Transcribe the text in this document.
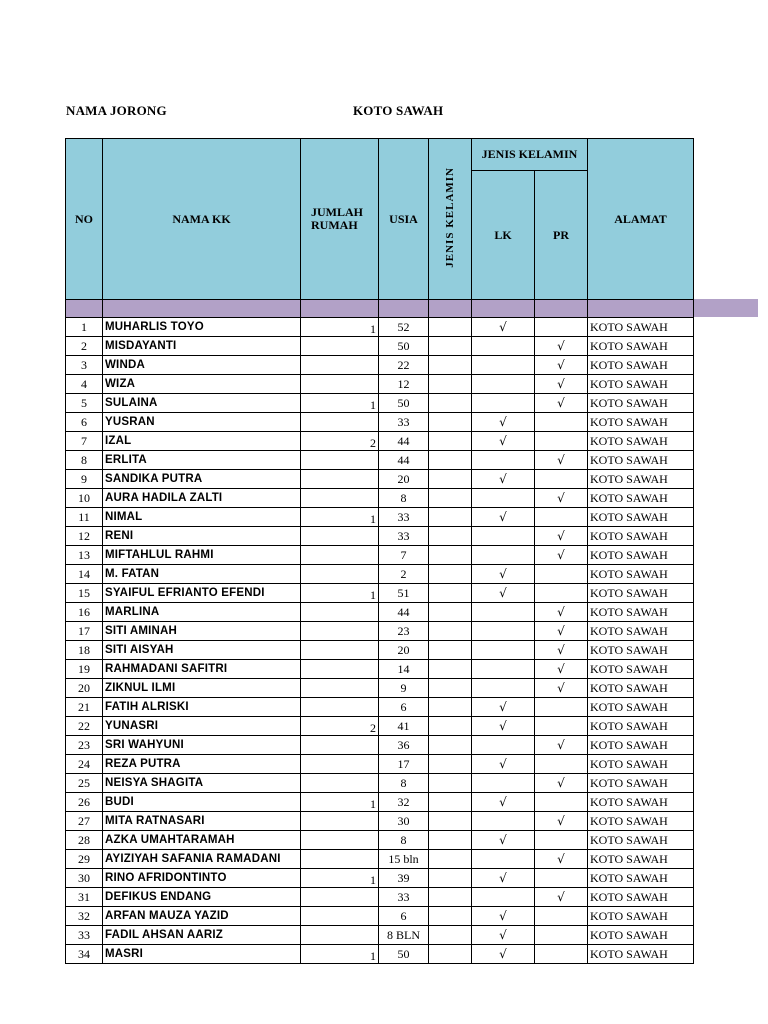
NAMA JORONG	KOTO SAWAH
NO	NAMA KK	JUMLAH
RUMAH	USIA	JENIS KELAMIN	JENIS KELAMIN		ALAMAT
					LK	PR	

1	MUHARLIS TOYO	1	52		√		KOTO SAWAH
2	MISDAYANTI		50			√	KOTO SAWAH
3	WINDA		22			√	KOTO SAWAH
4	WIZA		12			√	KOTO SAWAH
5	SULAINA	1	50			√	KOTO SAWAH
6	YUSRAN		33		√		KOTO SAWAH
7	IZAL	2	44		√		KOTO SAWAH
8	ERLITA		44			√	KOTO SAWAH
9	SANDIKA PUTRA		20		√		KOTO SAWAH
10	AURA HADILA ZALTI		8			√	KOTO SAWAH
11	NIMAL	1	33		√		KOTO SAWAH
12	RENI		33			√	KOTO SAWAH
13	MIFTAHLUL RAHMI		7			√	KOTO SAWAH
14	M. FATAN		2		√		KOTO SAWAH
15	SYAIFUL EFRIANTO EFENDI	1	51		√		KOTO SAWAH
16	MARLINA		44			√	KOTO SAWAH
17	SITI AMINAH		23			√	KOTO SAWAH
18	SITI AISYAH		20			√	KOTO SAWAH
19	RAHMADANI SAFITRI		14			√	KOTO SAWAH
20	ZIKNUL ILMI		9			√	KOTO SAWAH
21	FATIH ALRISKI		6		√		KOTO SAWAH
22	YUNASRI	2	41		√		KOTO SAWAH
23	SRI WAHYUNI		36			√	KOTO SAWAH
24	REZA PUTRA		17		√		KOTO SAWAH
25	NEISYA SHAGITA		8			√	KOTO SAWAH
26	BUDI	1	32		√		KOTO SAWAH
27	MITA RATNASARI		30			√	KOTO SAWAH
28	AZKA UMAHTARAMAH		8		√		KOTO SAWAH
29	AYIZIYAH SAFANIA RAMADANI		15 bln			√	KOTO SAWAH
30	RINO AFRIDONTINTO	1	39		√		KOTO SAWAH
31	DEFIKUS ENDANG		33			√	KOTO SAWAH
32	ARFAN MAUZA YAZID		6		√		KOTO SAWAH
33	FADIL AHSAN AARIZ		8 BLN		√		KOTO SAWAH
34	MASRI	1	50		√		KOTO SAWAH
